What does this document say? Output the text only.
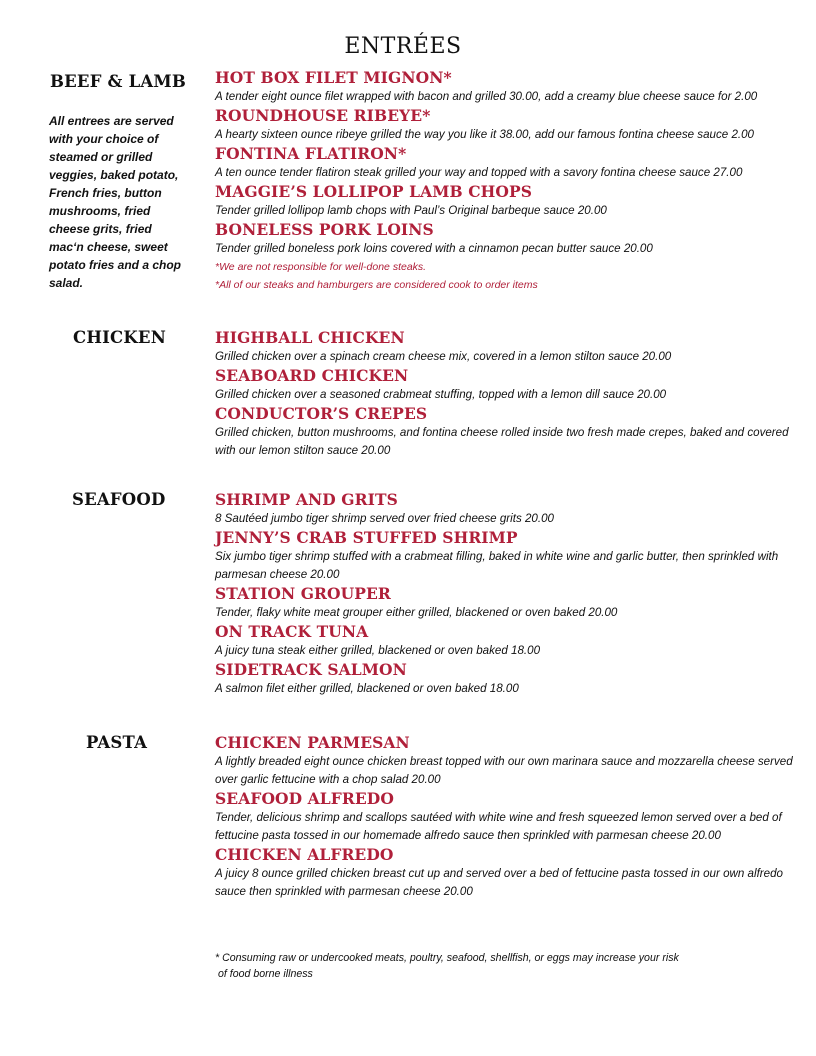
ENTRÉES
BEEF & LAMB
All entrees are served with your choice of steamed or grilled veggies, baked potato, French fries, button mushrooms, fried cheese grits, fried mac‘n cheese, sweet potato fries and a chop salad.
HOT BOX FILET MIGNON*
A tender eight ounce filet wrapped with bacon and grilled 30.00, add a creamy blue cheese sauce for 2.00
ROUNDHOUSE RIBEYE*
A hearty sixteen ounce ribeye grilled the way you like it 38.00, add our famous fontina cheese sauce 2.00
FONTINA FLATIRON*
A ten ounce tender flatiron steak grilled your way and topped with a savory fontina cheese sauce 27.00
MAGGIE’S LOLLIPOP LAMB CHOPS
Tender grilled lollipop lamb chops with Paul’s Original barbeque sauce 20.00
BONELESS PORK LOINS
Tender grilled boneless pork loins covered with a cinnamon pecan butter sauce 20.00
*We are not responsible for well-done steaks.
*All of our steaks and hamburgers are considered cook to order items
CHICKEN	HIGHBALL CHICKEN
Grilled chicken over a spinach cream cheese mix, covered in a lemon stilton sauce 20.00
SEABOARD CHICKEN
Grilled chicken over a seasoned crabmeat stuffing, topped with a lemon dill sauce 20.00
CONDUCTOR’S CREPES
Grilled chicken, button mushrooms, and fontina cheese rolled inside two fresh made crepes, baked and covered with our lemon stilton sauce 20.00
SEAFOOD	SHRIMP AND GRITS
8 Sautéed jumbo tiger shrimp served over fried cheese grits 20.00
JENNY’S CRAB STUFFED SHRIMP
Six jumbo tiger shrimp stuffed with a crabmeat filling, baked in white wine and garlic butter, then sprinkled with parmesan cheese 20.00
STATION GROUPER
Tender, flaky white meat grouper either grilled, blackened or oven baked 20.00
ON TRACK TUNA
A juicy tuna steak either grilled, blackened or oven baked 18.00
SIDETRACK SALMON
A salmon filet either grilled, blackened or oven baked 18.00
PASTA	CHICKEN PARMESAN
A lightly breaded eight ounce chicken breast topped with our own marinara sauce and mozzarella cheese served over garlic fettucine with a chop salad 20.00
SEAFOOD ALFREDO
Tender, delicious shrimp and scallops sautéed with white wine and fresh squeezed lemon served over a bed of fettucine pasta tossed in our homemade alfredo sauce then sprinkled with parmesan cheese 20.00
CHICKEN ALFREDO
A juicy 8 ounce grilled chicken breast cut up and served over a bed of fettucine pasta tossed in our own alfredo sauce then sprinkled with parmesan cheese 20.00
* Consuming raw or undercooked meats, poultry, seafood, shellfish, or eggs may increase your risk
of food borne illness
